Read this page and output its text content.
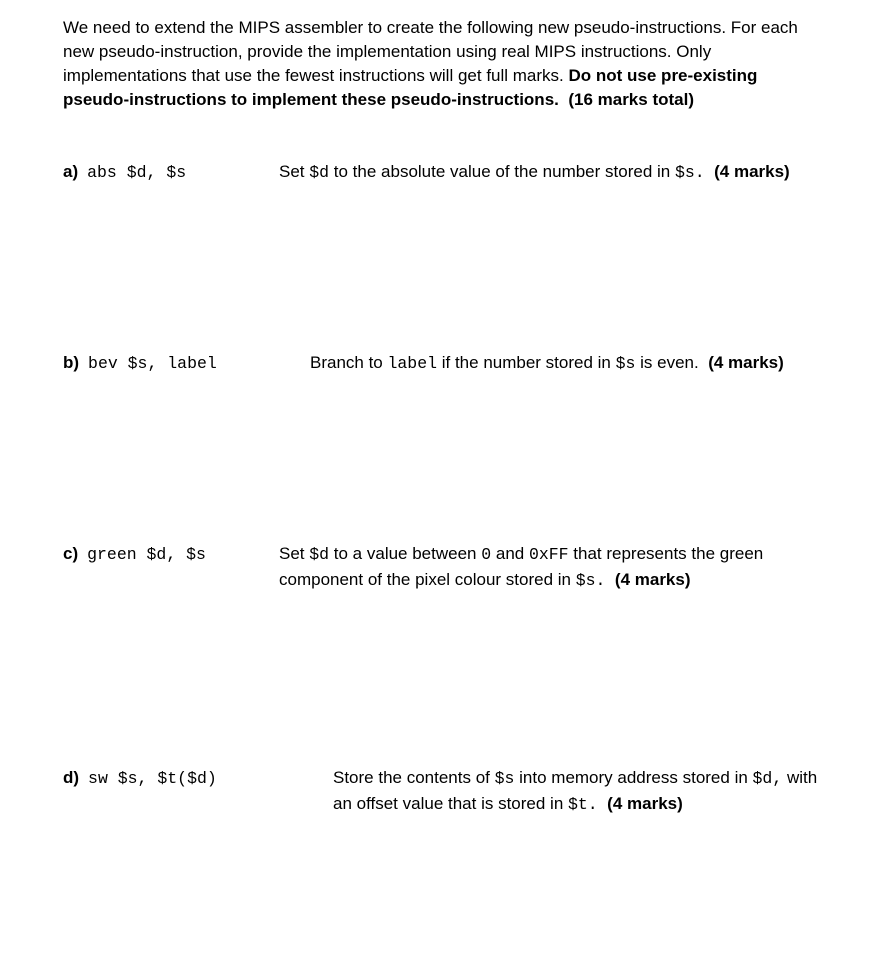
We need to extend the MIPS assembler to create the following new pseudo-instructions. For each new pseudo-instruction, provide the implementation using real MIPS instructions. Only implementations that use the fewest instructions will get full marks. Do not use pre-existing pseudo-instructions to implement these pseudo-instructions. (16 marks total)

a) abs $d, $s	Set $d to the absolute value of the number stored in $s. (4 marks)

b) bev $s, label	Branch to label if the number stored in $s is even. (4 marks)

c) green $d, $s	Set $d to a value between 0 and 0xFF that represents the green component of the pixel colour stored in $s. (4 marks)

d) sw $s, $t($d)	Store the contents of $s into memory address stored in $d, with an offset value that is stored in $t. (4 marks)
